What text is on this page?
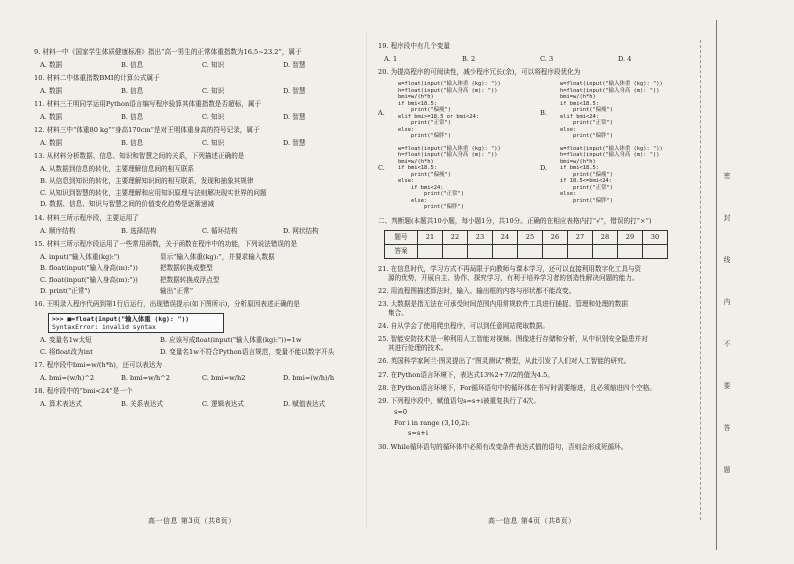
9. 材料一中《国家学生体质健康标准》指出“高一男生的正常体重指数为16.5~23.2”，属于
A. 数据	B. 信息	C. 知识	D. 智慧
10. 材料二中体重指数BMI的计算公式属于
A. 数据	B. 信息	C. 知识	D. 智慧
11. 材料三王明同学运用Python语言编写程序验算其体重指数是否超标，属于
A. 数据	B. 信息	C. 知识	D. 智慧
12. 材料三中“体重80 kg”“身高170cm”是对王明体重身高的符号记录，属于
A. 数据	B. 信息	C. 知识	D. 智慧
13. 从材料分析数据、信息、知识和智慧之间的关系，下列描述正确的是
A. 从数据到信息的转化，主要理解信息间的相互联系
B. 从信息到知识的转化，主要理解知识间的相互联系，发现和抽象其规律
C. 从知识到智慧的转化，主要理解和应用知识原理与法则解决现实世界的问题
D. 数据、信息、知识与智慧之间的价值变化趋势是逐渐递减
14. 材料三所示程序段，主要运用了
A. 顺序结构	B. 选择结构	C. 循环结构	D. 网状结构
15. 材料三所示程序段运用了一些常用函数，关于函数在程序中的功能，下列说法错误的是
A. input("输入体重(kg):")	显示“输入体重(kg):”，并要求输入数据
B. float(input("输入身高(m):"))	把数据转换成整型
C. float(input("输入身高(m):"))	把数据转换成浮点型
D. print("正常")	输出“正常”
16. 王明录入程序代码到第1行后运行，出现错误提示(如下图所示)，分析原因表述正确的是
>>> ■=float(input("输入体重 (kg): "))
SyntaxError: invalid syntax
A. 变量名1w太短	B. 应该写成float(input("输入体重(kg):"))=1w
C. 将float改为int	D. 变量名1w不符合Python语言规范，变量不能以数字开头
17. 程序段中bmi=w/(h*h)，还可以表达为
A. bmi=(w/h)^2	B. bmi=w/h^2	C. bmi=w/h2	D. bmi=(w/h)/h
18. 程序段中的“bmi<24”是一个
A. 算术表达式	B. 关系表达式	C. 逻辑表达式	D. 赋值表达式
高一信息 第3页（共8页）
19. 程序段中有几个变量
A. 1	B. 2	C. 3	D. 4
20. 为提高程序的可阅读性，减少程序冗长(余)，可以将程序段优化为
A.
w=float(input("输入体重 (kg): "))
h=float(input("输入身高 (m): "))
bmi=w/(h*h)
if bmi<18.5:
print("偏瘦")
elif bmi>=18.5 or bmi<24:
print("正常")
else:
print("偏胖")
B.
w=float(input("输入体重 (kg): "))
h=float(input("输入身高 (m): "))
bmi=w/(h*h)
if bmi<18.5:
print("偏瘦")
elif bmi<24:
print("正常")
else:
print("偏胖")
C.
w=float(input("输入体重 (kg): "))
h=float(input("输入身高 (m): "))
bmi=w/(h*h)
if bmi<18.5:
print("偏瘦")
else:
if bmi<24:
print("正常")
else:
print("偏胖")
D.
w=float(input("输入体重 (kg): "))
h=float(input("输入身高 (m): "))
bmi=w/(h*h)
if bmi<18.5:
print("偏瘦")
if 18.5<=bmi<24:
print("正常")
else:
print("偏胖")
二、判断题(本题共10小题，每小题1分，共10分。正确的在相应表格内打“√”，错误的打“×”)
题号	21	22	23	24	25	26	27	28	29	30
答案										
21. 在信息时代，学习方式不再局限于向教师与课本学习，还可以直接利用数字化工具与资
源的优势，开展自主、协作、探究学习，有利于培养学习者的创造性解决问题的能力。
22. 用流程图描述算法时，输入、输出框的内容与形状都不能改变。
23. 大数据是指无法在可承受时间范围内用常规软件工具进行捕捉、管理和处理的数据
集合。
24. 自从学会了使用爬虫程序，可以到任意网站爬取数据。
25. 智能安防技术是一种利用人工智能对视频、图像进行存储和分析，从中识别安全隐患并对
其进行处理的技术。
26. 英国科学家阿兰·图灵提出了“图灵测试”模型，从此引发了人们对人工智能的研究。
27. 在Python语言环境下，表达式13%2+7//2的值为4.5。
28. 在Python语言环境下，For循环语句中的循环体在书写时需要缩进，且必须缩进四个空格。
29. 下列程序段中，赋值语句s=s+i被重复执行了4次。
s=0
For i in range (3,10,2):
s=s+i
30. While循环语句的循环体中必须有改变条件表达式值的语句，否则会形成死循环。
高一信息 第4页（共8页）
密
封
线
内
不
要
答
题
